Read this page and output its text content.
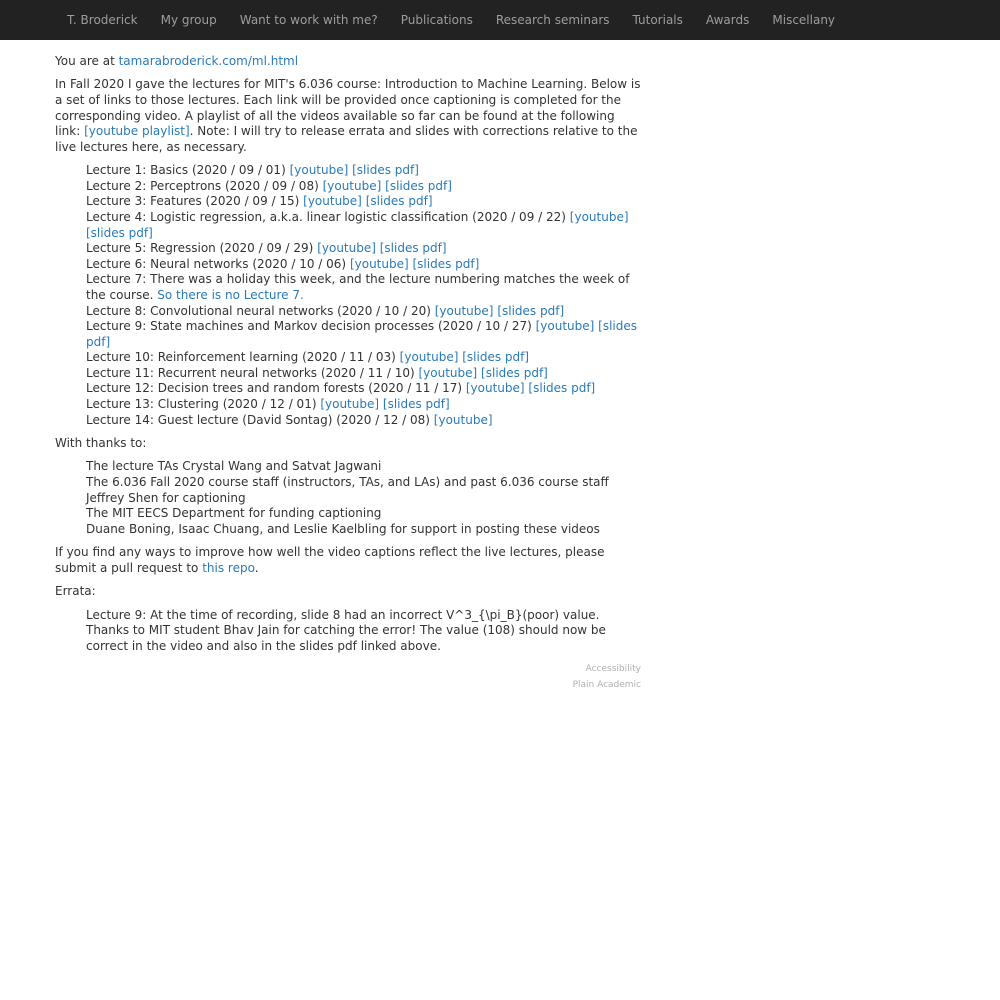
T. Broderick	My group	Want to work with me?	Publications	Research seminars	Tutorials	Awards	Miscellany

You are at tamarabroderick.com/ml.html

In Fall 2020 I gave the lectures for MIT's 6.036 course: Introduction to Machine Learning. Below is a set of links to those lectures. Each link will be provided once captioning is completed for the corresponding video. A playlist of all the videos available so far can be found at the following link: [youtube playlist]. Note: I will try to release errata and slides with corrections relative to the live lectures here, as necessary.

Lecture 1: Basics (2020 / 09 / 01) [youtube] [slides pdf]
Lecture 2: Perceptrons (2020 / 09 / 08) [youtube] [slides pdf]
Lecture 3: Features (2020 / 09 / 15) [youtube] [slides pdf]
Lecture 4: Logistic regression, a.k.a. linear logistic classification (2020 / 09 / 22) [youtube] [slides pdf]
Lecture 5: Regression (2020 / 09 / 29) [youtube] [slides pdf]
Lecture 6: Neural networks (2020 / 10 / 06) [youtube] [slides pdf]
Lecture 7: There was a holiday this week, and the lecture numbering matches the week of the course. So there is no Lecture 7.
Lecture 8: Convolutional neural networks (2020 / 10 / 20) [youtube] [slides pdf]
Lecture 9: State machines and Markov decision processes (2020 / 10 / 27) [youtube] [slides pdf]
Lecture 10: Reinforcement learning (2020 / 11 / 03) [youtube] [slides pdf]
Lecture 11: Recurrent neural networks (2020 / 11 / 10) [youtube] [slides pdf]
Lecture 12: Decision trees and random forests (2020 / 11 / 17) [youtube] [slides pdf]
Lecture 13: Clustering (2020 / 12 / 01) [youtube] [slides pdf]
Lecture 14: Guest lecture (David Sontag) (2020 / 12 / 08) [youtube]

With thanks to:

The lecture TAs Crystal Wang and Satvat Jagwani
The 6.036 Fall 2020 course staff (instructors, TAs, and LAs) and past 6.036 course staff
Jeffrey Shen for captioning
The MIT EECS Department for funding captioning
Duane Boning, Isaac Chuang, and Leslie Kaelbling for support in posting these videos

If you find any ways to improve how well the video captions reflect the live lectures, please submit a pull request to this repo.

Errata:

Lecture 9: At the time of recording, slide 8 had an incorrect V^3_{\pi_B}(poor) value. Thanks to MIT student Bhav Jain for catching the error! The value (108) should now be correct in the video and also in the slides pdf linked above.
Accessibility
Plain Academic
